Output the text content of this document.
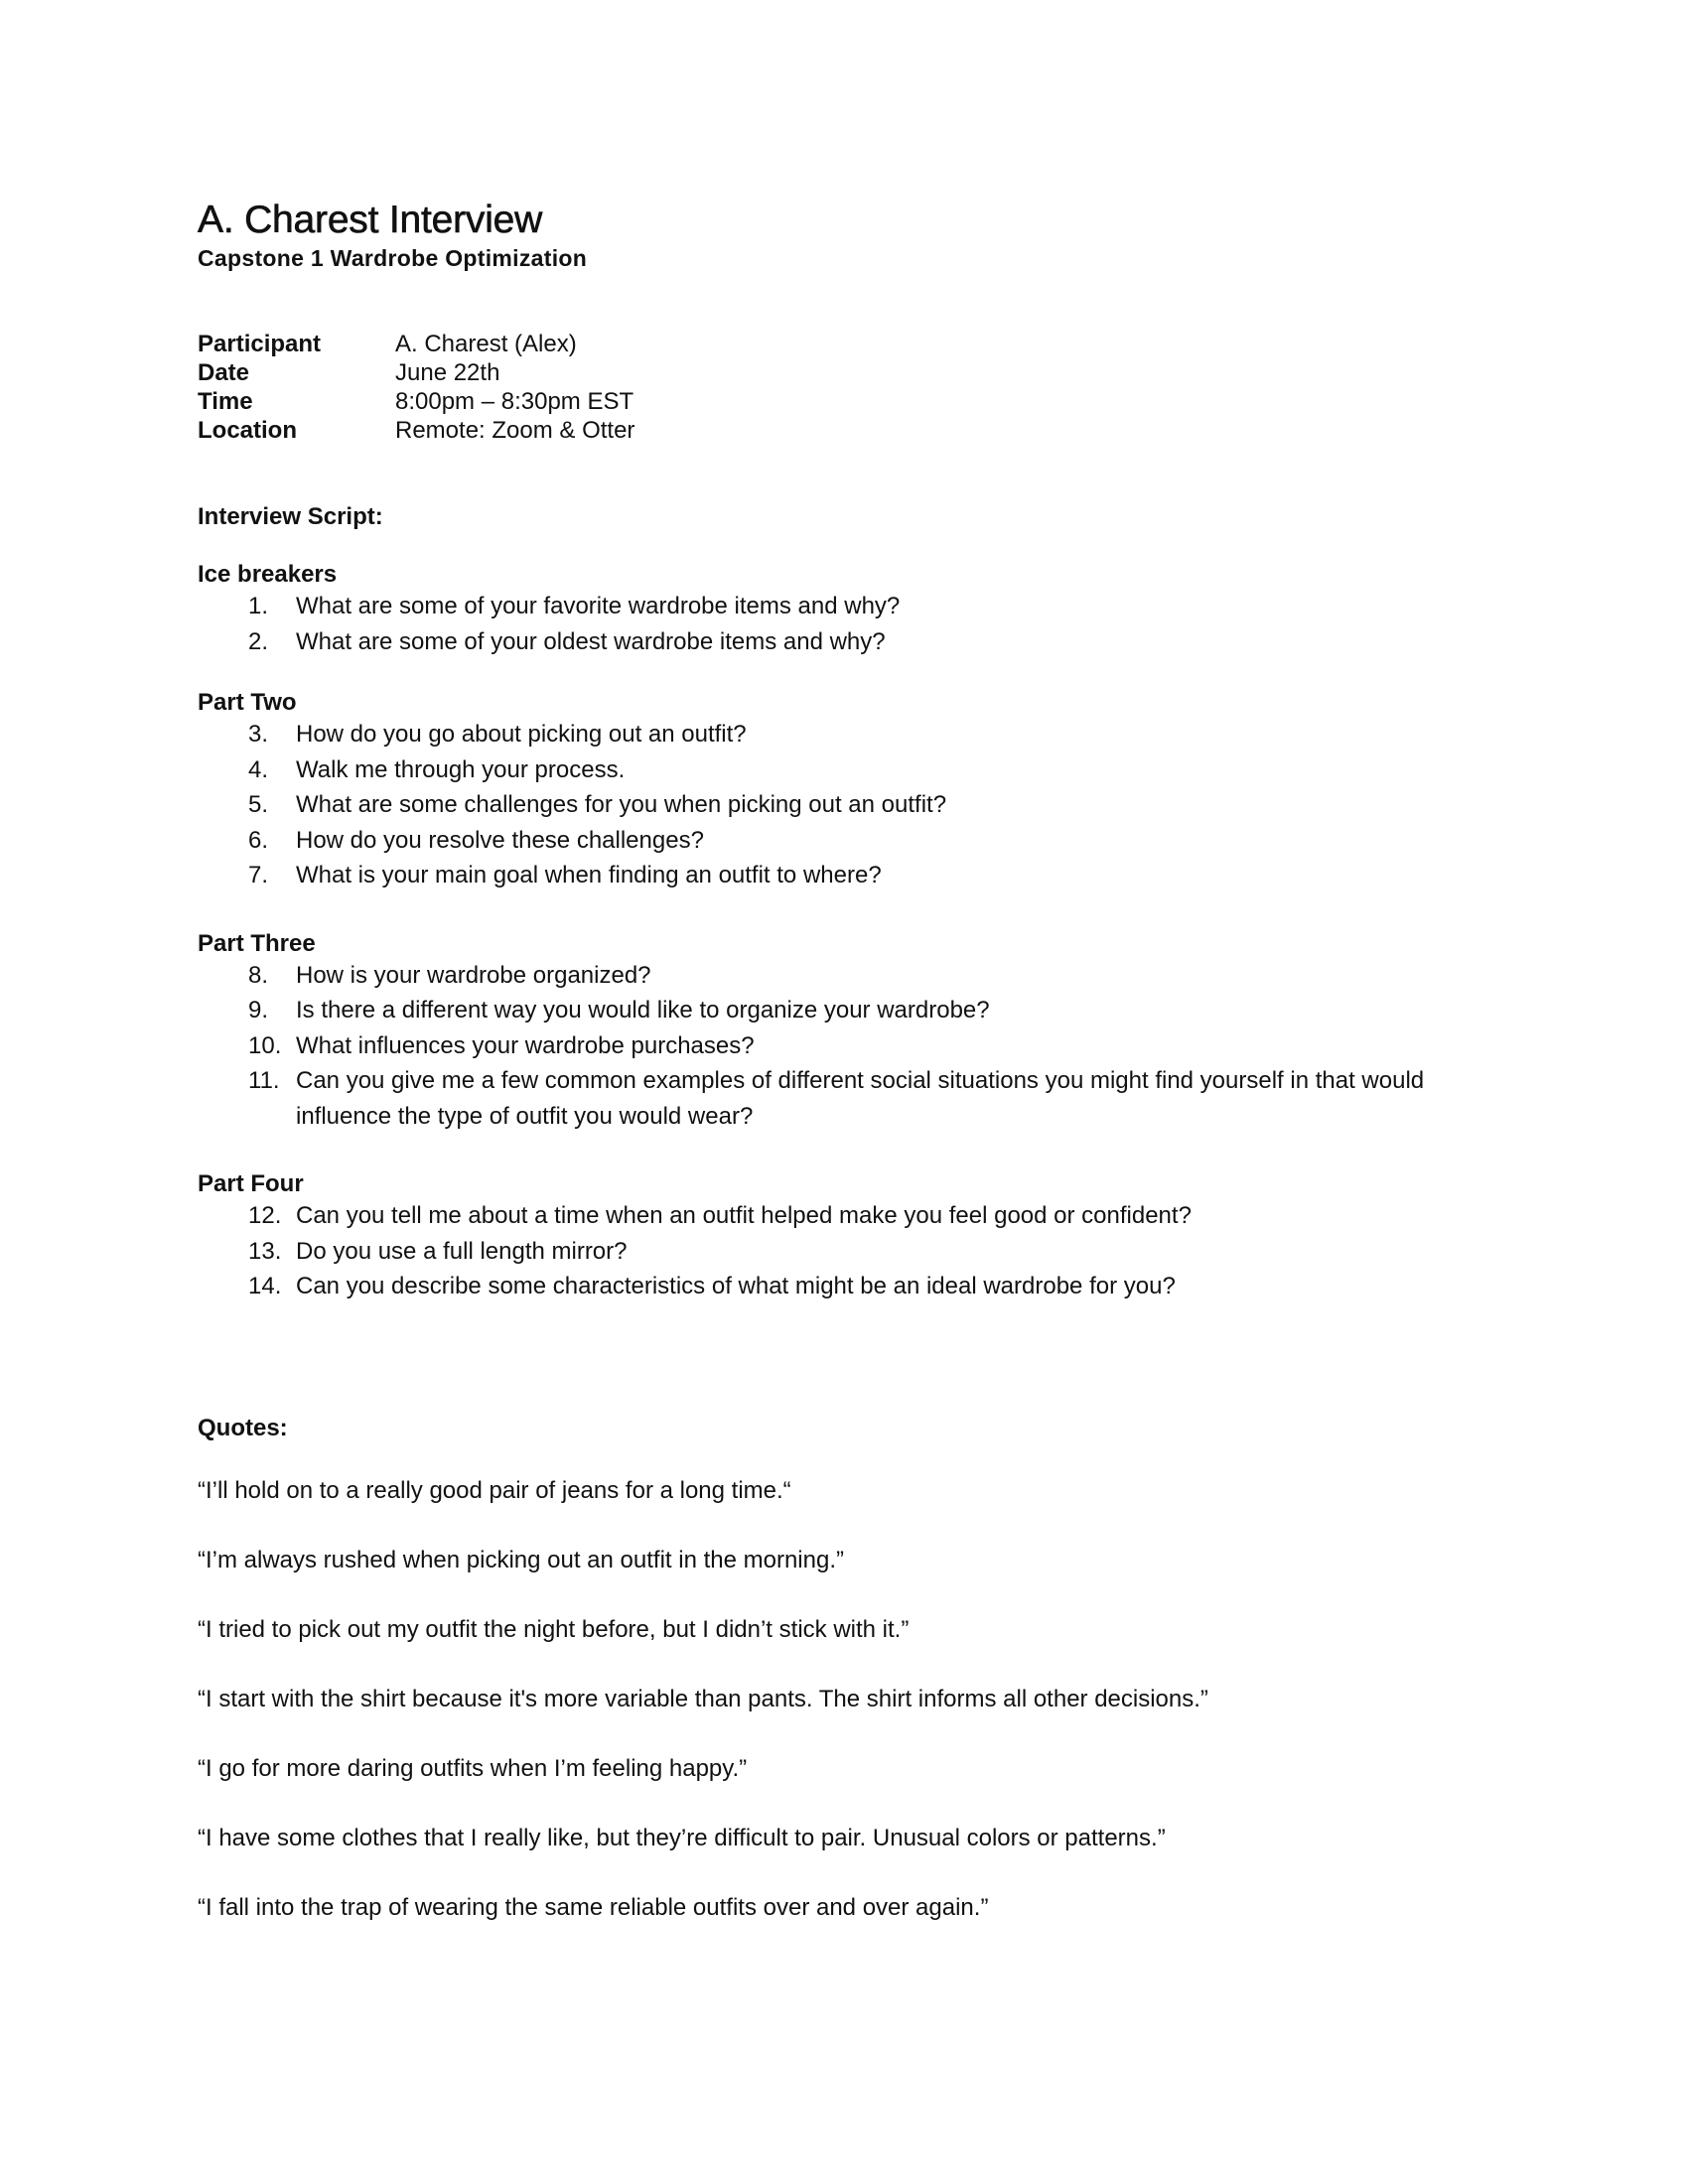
A. Charest Interview
Capstone 1 Wardrobe Optimization
Participant	A. Charest (Alex)
Date	June 22th
Time	8:00pm – 8:30pm EST
Location	Remote: Zoom & Otter
Interview Script:
Ice breakers
1.	What are some of your favorite wardrobe items and why?
2.	What are some of your oldest wardrobe items and why?
Part Two
3.	How do you go about picking out an outfit?
4.	Walk me through your process.
5.	What are some challenges for you when picking out an outfit?
6.	How do you resolve these challenges?
7.	What is your main goal when finding an outfit to where?
Part Three
8.	How is your wardrobe organized?
9.	Is there a different way you would like to organize your wardrobe?
10. What influences your wardrobe purchases?
11. Can you give me a few common examples of different social situations you might find yourself in that would influence the type of outfit you would wear?
Part Four
12. Can you tell me about a time when an outfit helped make you feel good or confident?
13. Do you use a full length mirror?
14. Can you describe some characteristics of what might be an ideal wardrobe for you?
Quotes:
“I’ll hold on to a really good pair of jeans for a long time.“
“I’m always rushed when picking out an outfit in the morning.”
“I tried to pick out my outfit the night before, but I didn’t stick with it.”
“I start with the shirt because it's more variable than pants. The shirt informs all other decisions.”
“I go for more daring outfits when I’m feeling happy.”
“I have some clothes that I really like, but they’re difficult to pair. Unusual colors or patterns.”
“I fall into the trap of wearing the same reliable outfits over and over again.”
